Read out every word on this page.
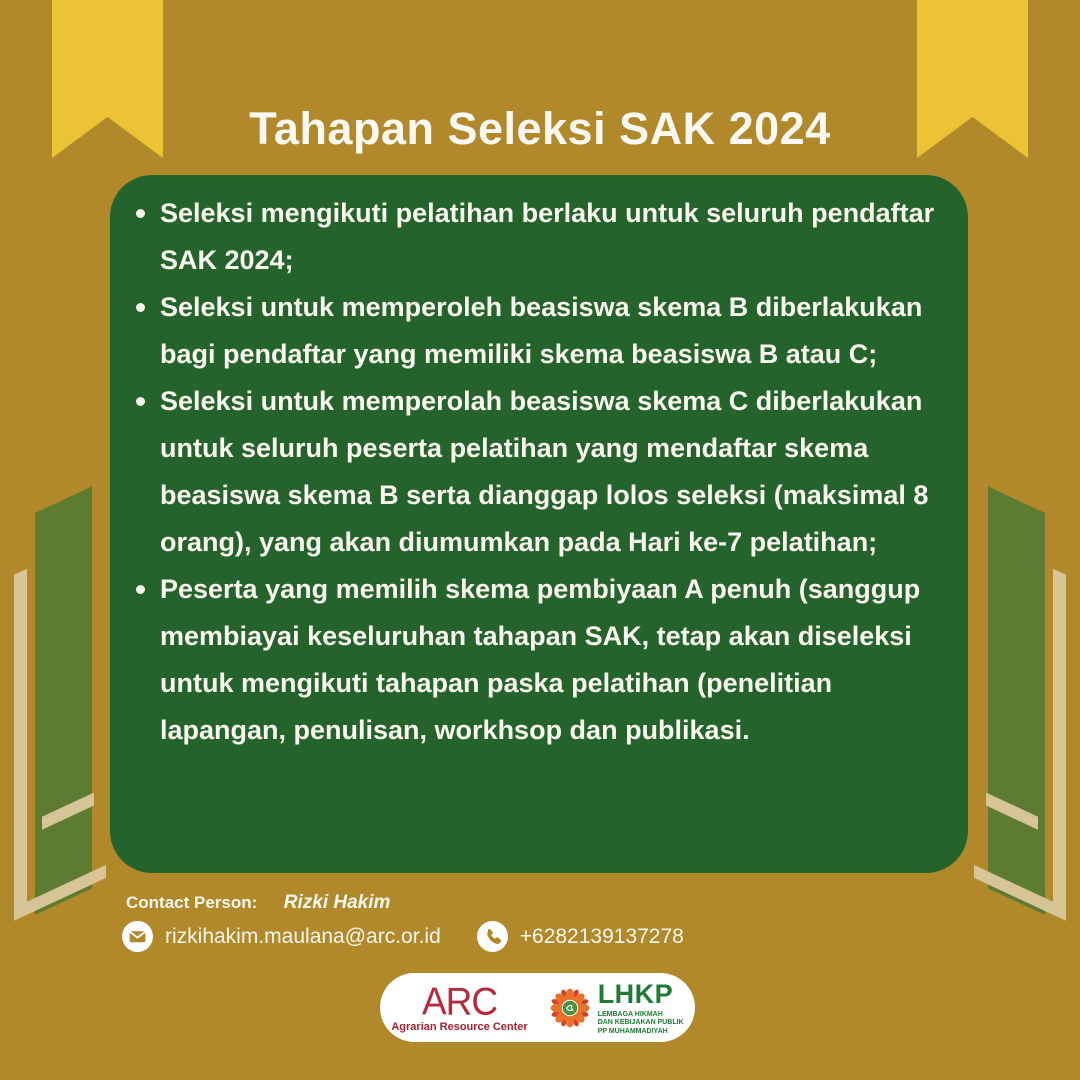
Tahapan Seleksi SAK 2024
Seleksi mengikuti pelatihan berlaku untuk seluruh pendaftar SAK 2024;
Seleksi untuk memperoleh beasiswa skema B diberlakukan bagi pendaftar yang memiliki skema beasiswa B atau C;
Seleksi untuk memperolah beasiswa skema C diberlakukan untuk seluruh peserta pelatihan yang mendaftar skema beasiswa skema B serta dianggap lolos seleksi (maksimal 8 orang), yang akan diumumkan pada Hari ke-7 pelatihan;
Peserta yang memilih skema pembiyaan A penuh (sanggup membiayai keseluruhan tahapan SAK, tetap akan diseleksi untuk mengikuti tahapan paska pelatihan (penelitian lapangan, penulisan, workhsop dan publikasi.
Contact Person: Rizki Hakim
rizkihakim.maulana@arc.or.id	+6282139137278
ARC
Agrarian Resource Center
LHKP
LEMBAGA HIKMAH
DAN KEBIJAKAN PUBLIK
PP MUHAMMADIYAH
